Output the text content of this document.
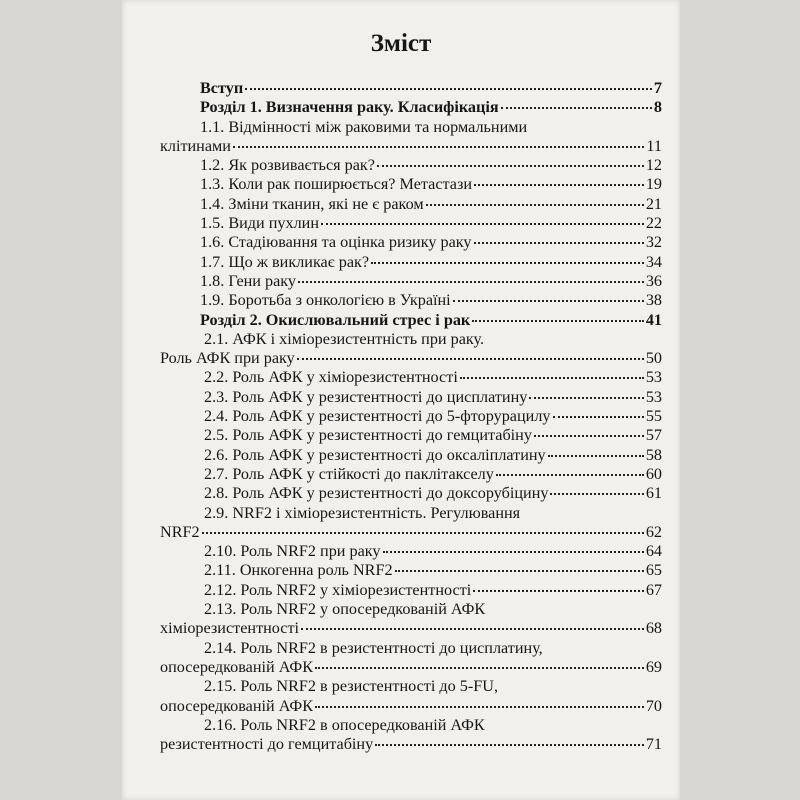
Зміст
Вступ	7
Розділ 1. Визначення раку. Класифікація	8
1.1. Відмінності між раковими та нормальними
клітинами	11
1.2. Як розвивається рак?	12
1.3. Коли рак поширюється? Метастази	19
1.4. Зміни тканин, які не є раком	21
1.5. Види пухлин	22
1.6. Стадіювання та оцінка ризику раку	32
1.7. Що ж викликає рак?	34
1.8. Гени раку	36
1.9. Боротьба з онкологією в Україні	38
Розділ 2. Окислювальний стрес і рак	41
2.1. АФК і хіміорезистентність при раку.
Роль АФК при раку	50
2.2. Роль АФК у хіміорезистентності	53
2.3. Роль АФК у резистентності до цисплатину	53
2.4. Роль АФК у резистентності до 5-фторурацилу	55
2.5. Роль АФК у резистентності до гемцитабіну	57
2.6. Роль АФК у резистентності до оксаліплатину	58
2.7. Роль АФК у стійкості до паклітакселу	60
2.8. Роль АФК у резистентності до доксорубіцину	61
2.9. NRF2 і хіміорезистентність. Регулювання
NRF2	62
2.10. Роль NRF2 при раку	64
2.11. Онкогенна роль NRF2	65
2.12. Роль NRF2 у хіміорезистентності	67
2.13. Роль NRF2 у опосередкованій АФК
хіміорезистентності	68
2.14. Роль NRF2 в резистентності до цисплатину,
опосередкованій АФК	69
2.15. Роль NRF2 в резистентності до 5-FU,
опосередкованій АФК	70
2.16. Роль NRF2 в опосередкованій АФК
резистентності до гемцитабіну	71
